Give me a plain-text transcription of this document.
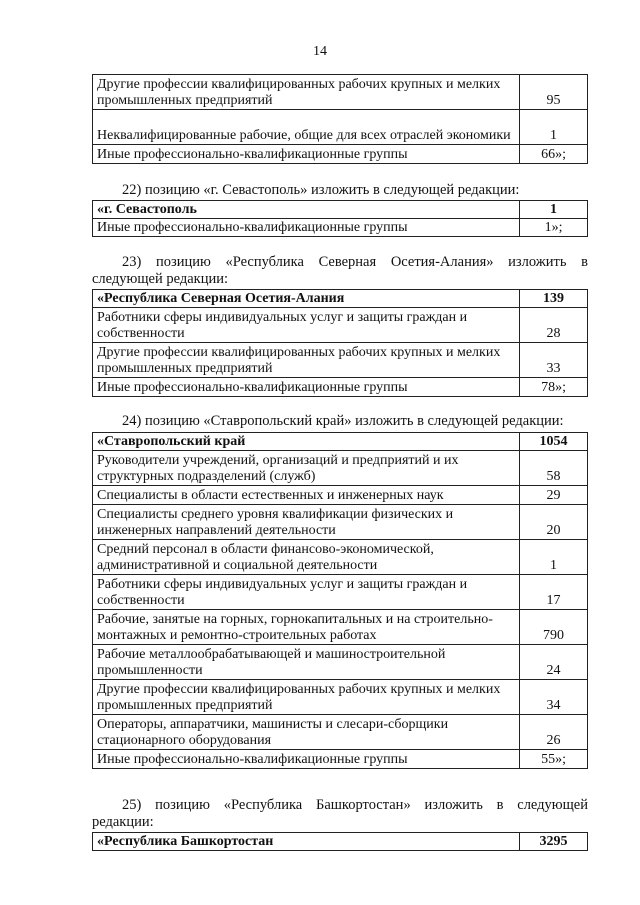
14
Другие профессии квалифицированных рабочих крупных и мелких промышленных предприятий	95
Неквалифицированные рабочие, общие для всех отраслей экономики	1
Иные профессионально-квалификационные группы	66»;
22) позицию «г. Севастополь» изложить в следующей редакции:
«г. Севастополь	1
Иные профессионально-квалификационные группы	1»;
23) позицию «Республика Северная Осетия-Алания» изложить в следующей редакции:
«Республика Северная Осетия-Алания	139
Работники сферы индивидуальных услуг и защиты граждан и собственности	28
Другие профессии квалифицированных рабочих крупных и мелких промышленных предприятий	33
Иные профессионально-квалификационные группы	78»;
24) позицию «Ставропольский край» изложить в следующей редакции:
«Ставропольский край	1054
Руководители учреждений, организаций и предприятий и их структурных подразделений (служб)	58
Специалисты в области естественных и инженерных наук	29
Специалисты среднего уровня квалификации физических и инженерных направлений деятельности	20
Средний персонал в области финансово-экономической, административной и социальной деятельности	1
Работники сферы индивидуальных услуг и защиты граждан и собственности	17
Рабочие, занятые на горных, горнокапитальных и на строительно-монтажных и ремонтно-строительных работах	790
Рабочие металлообрабатывающей и машиностроительной промышленности	24
Другие профессии квалифицированных рабочих крупных и мелких промышленных предприятий	34
Операторы, аппаратчики, машинисты и слесари-сборщики стационарного оборудования	26
Иные профессионально-квалификационные группы	55»;
25) позицию «Республика Башкортостан» изложить в следующей редакции:
«Республика Башкортостан	3295
